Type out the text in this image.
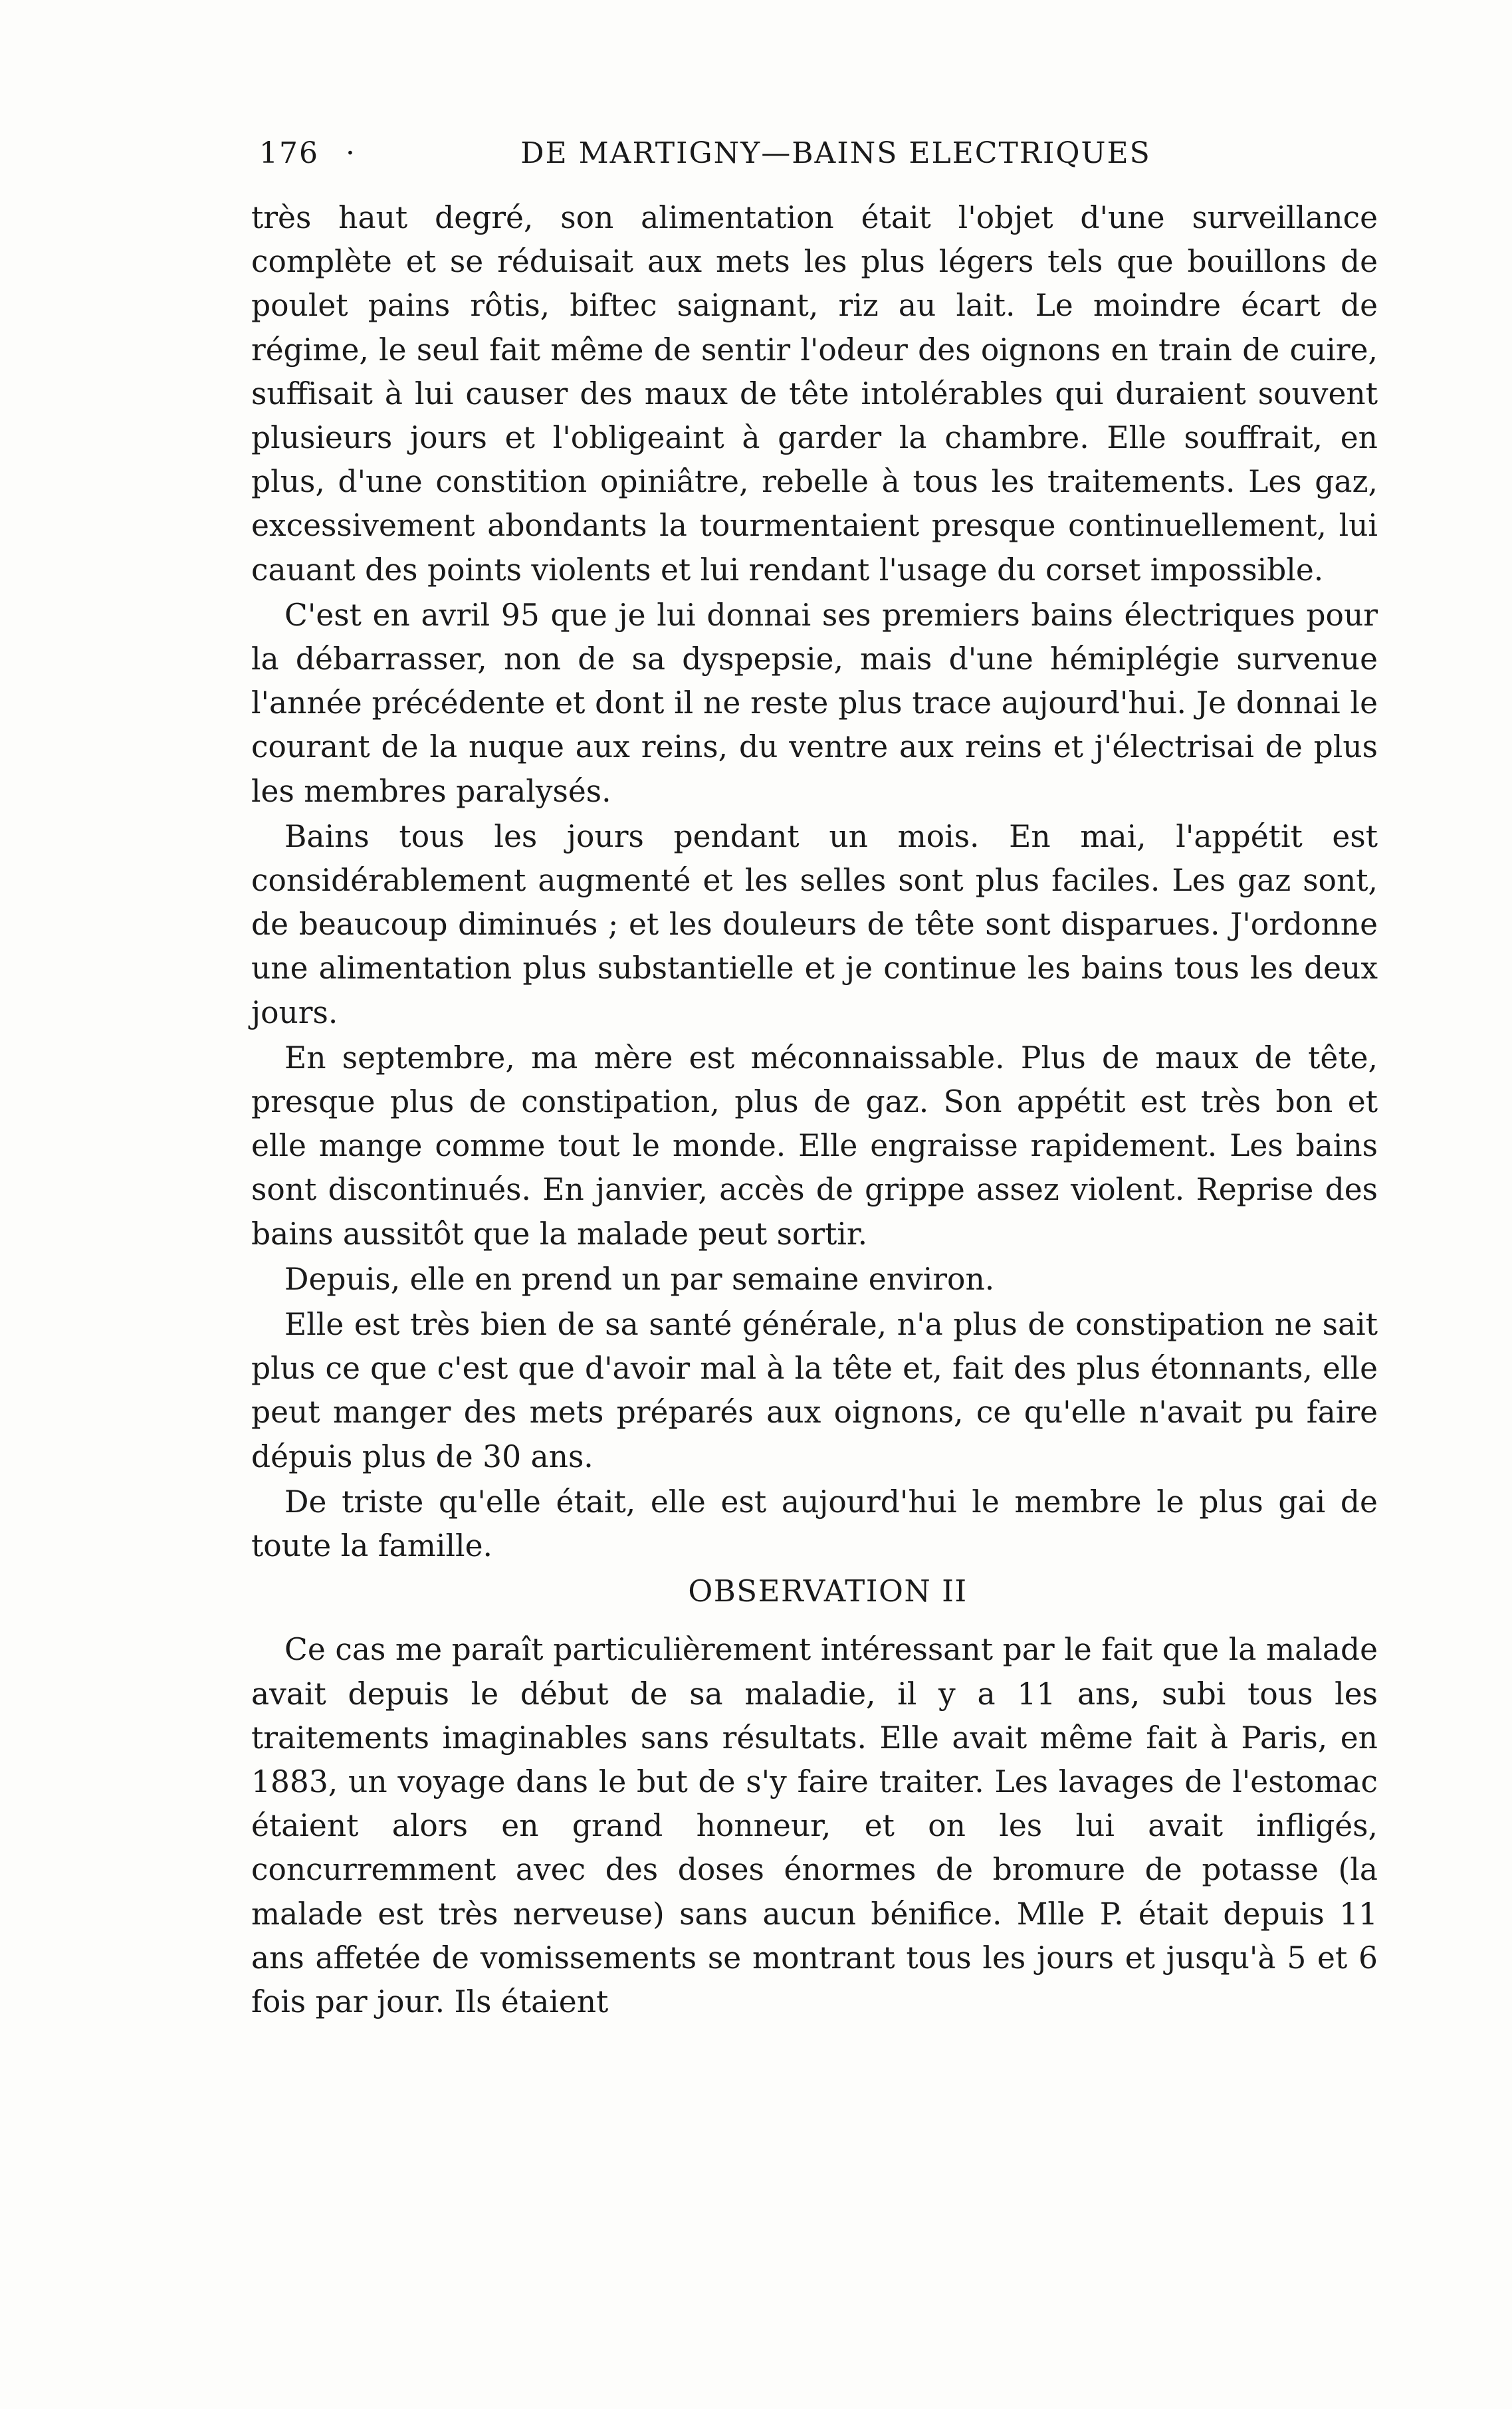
176 ·	DE MARTIGNY—BAINS ELECTRIQUES

très haut degré, son alimentation était l'objet d'une surveillance complète et se réduisait aux mets les plus légers tels que bouillons de poulet pains rôtis, biftec saignant, riz au lait. Le moindre écart de régime, le seul fait même de sentir l'odeur des oignons en train de cuire, suffisait à lui causer des maux de tête intolérables qui duraient souvent plusieurs jours et l'obligeaint à garder la chambre. Elle souffrait, en plus, d'une constition opiniâtre, rebelle à tous les traitements. Les gaz, excessivement abondants la tourmentaient presque continuellement, lui cauant des points violents et lui rendant l'usage du corset impossible.

C'est en avril 95 que je lui donnai ses premiers bains électriques pour la débarrasser, non de sa dyspepsie, mais d'une hémiplégie survenue l'année précédente et dont il ne reste plus trace aujourd'hui. Je donnai le courant de la nuque aux reins, du ventre aux reins et j'électrisai de plus les membres paralysés.

Bains tous les jours pendant un mois. En mai, l'appétit est considérablement augmenté et les selles sont plus faciles. Les gaz sont, de beaucoup diminués ; et les douleurs de tête sont disparues. J'ordonne une alimentation plus substantielle et je continue les bains tous les deux jours.

En septembre, ma mère est méconnaissable. Plus de maux de tête, presque plus de constipation, plus de gaz. Son appétit est très bon et elle mange comme tout le monde. Elle engraisse rapidement. Les bains sont discontinués. En janvier, accès de grippe assez violent. Reprise des bains aussitôt que la malade peut sortir.

Depuis, elle en prend un par semaine environ.

Elle est très bien de sa santé générale, n'a plus de constipation ne sait plus ce que c'est que d'avoir mal à la tête et, fait des plus étonnants, elle peut manger des mets préparés aux oignons, ce qu'elle n'avait pu faire dépuis plus de 30 ans.

De triste qu'elle était, elle est aujourd'hui le membre le plus gai de toute la famille.

OBSERVATION II

Ce cas me paraît particulièrement intéressant par le fait que la malade avait depuis le début de sa maladie, il y a 11 ans, subi tous les traitements imaginables sans résultats. Elle avait même fait à Paris, en 1883, un voyage dans le but de s'y faire traiter. Les lavages de l'estomac étaient alors en grand honneur, et on les lui avait infligés, concurremment avec des doses énormes de bromure de potasse (la malade est très nerveuse) sans aucun bénifice. Mlle P. était depuis 11 ans affetée de vomissements se montrant tous les jours et jusqu'à 5 et 6 fois par jour. Ils étaient
